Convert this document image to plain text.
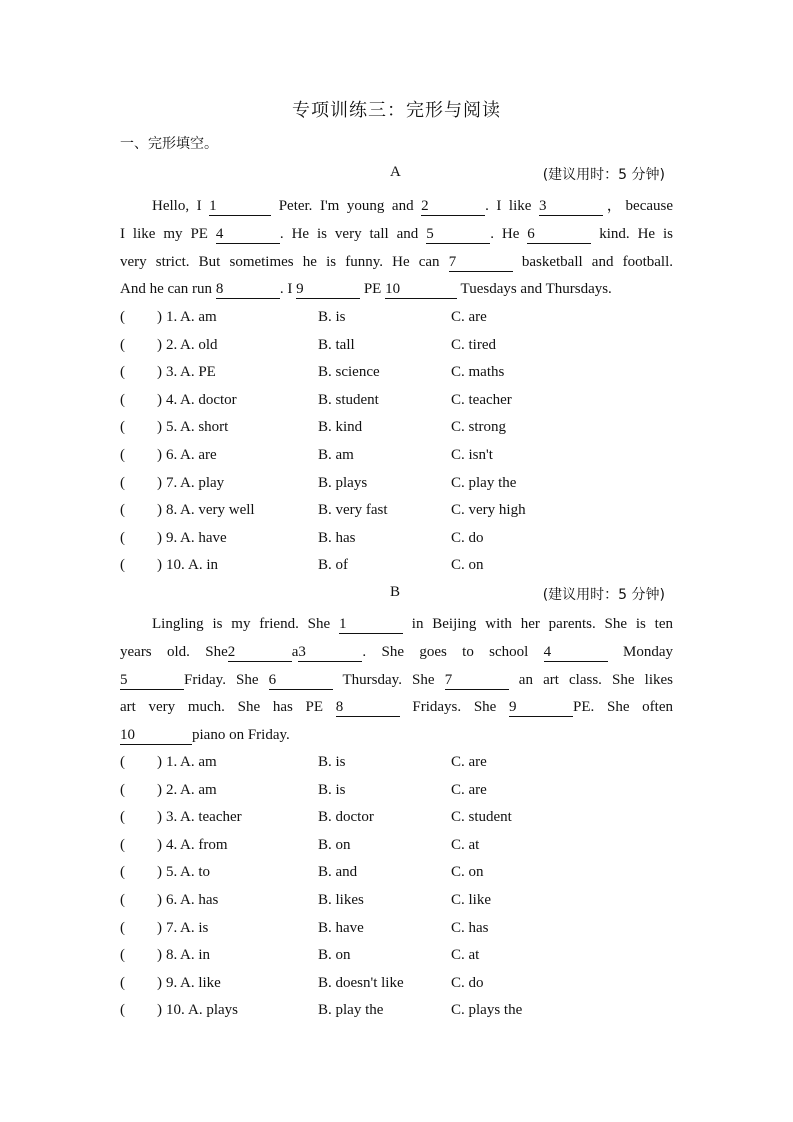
专项训练三：完形与阅读
一、完形填空。
A	(建议用时：5 分钟)
Hello, I 1	Peter. I'm young and 2	. I like 3	，because
I like my PE 4	. He is very tall and 5	. He 6	kind. He is
very strict. But sometimes he is funny. He can 7	basketball and football.
And he can run 8	. I 9	PE 10	Tuesdays and Thursdays.
( ) 1. A. am	B. is	C. are
( ) 2. A. old	B. tall	C. tired
( ) 3. A. PE	B. science	C. maths
( ) 4. A. doctor	B. student	C. teacher
( ) 5. A. short	B. kind	C. strong
( ) 6. A. are	B. am	C. isn't
( ) 7. A. play	B. plays	C. play the
( ) 8. A. very well	B. very fast	C. very high
( ) 9. A. have	B. has	C. do
( ) 10. A. in	B. of	C. on
B	(建议用时：5 分钟)
Lingling is my friend. She 1	in Beijing with her parents. She is ten
years old. She2	a3	. She goes to school 4	Monday
5	Friday. She 6	Thursday. She 7	an art class. She likes
art very much. She has PE 8	Fridays. She 9	PE. She often
10	piano on Friday.
( ) 1. A. am	B. is	C. are
( ) 2. A. am	B. is	C. are
( ) 3. A. teacher	B. doctor	C. student
( ) 4. A. from	B. on	C. at
( ) 5. A. to	B. and	C. on
( ) 6. A. has	B. likes	C. like
( ) 7. A. is	B. have	C. has
( ) 8. A. in	B. on	C. at
( ) 9. A. like	B. doesn't like	C. do
( ) 10. A. plays	B. play the	C. plays the
